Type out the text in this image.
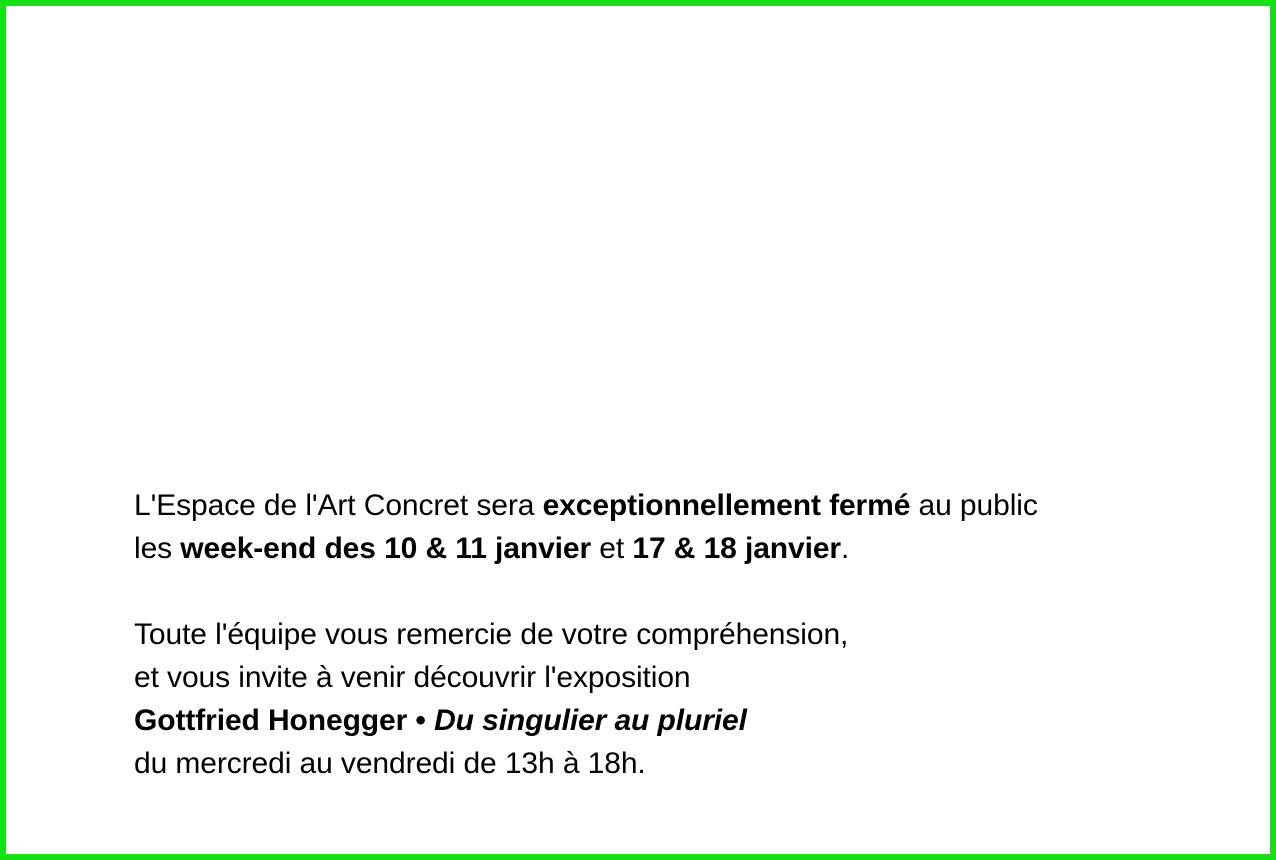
L'Espace de l'Art Concret sera exceptionnellement fermé au public
les week-end des 10 & 11 janvier et 17 & 18 janvier.

Toute l'équipe vous remercie de votre compréhension,
et vous invite à venir découvrir l'exposition
Gottfried Honegger • Du singulier au pluriel
du mercredi au vendredi de 13h à 18h.
